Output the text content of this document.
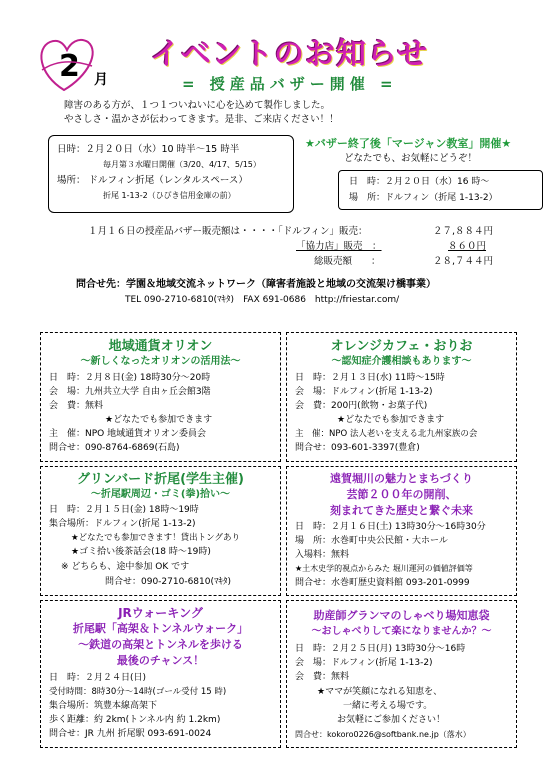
2 月
イベントのお知らせ
= 授産品バザー開催 =
障害のある方が、１つ１ついねいに心を込めて製作しました。
やさしさ・温かさが伝わってきます。是非、ご来店ください！！
日時：２月２０日（水）10 時半～15 時半
毎月第３水曜日開催（3/20、4/17、5/15）
場所： ドルフィン折尾（レンタルスペース）
折尾 1-13-2（ひびき信用金庫の前）
★バザー終了後「マージャン教室」開催★
どなたでも、お気軽にどうぞ！
日　時：２月２０日（水）16 時～
場　所：ドルフィン（折尾 1-13-2）
１月１６日の授産品バザー販売額は・・・・「ドルフィン」販売：	２７,８８４円
「協力店」販売　：	８６０円
総販売額　　：	２８,７４４円
問合せ先：学園＆地域交流ネットワーク（障害者施設と地域の交流架け橋事業）
TEL 090-2710-6810(ﾏｷﾀ)　FAX 691-0686　http://friestar.com/
地域通貨オリオン
～新しくなったオリオンの活用法～
日　時：２月８日(金) 18時30分～20時
会　場：九州共立大学 自由ヶ丘会館3階
会　費：無料
★どなたでも参加できます
主　催：NPO 地域通貨オリオン委員会
問合せ：090-8764-6869(石島)
オレンジカフェ・おりお
～認知症介護相談もあります～
日　時：２月１３日(水) 11時～15時
会　場：ドルフィン(折尾 1-13-2)
会　費：200円(飲物・お菓子代)
★どなたでも参加できます
主　催：NPO 法人老いを支える北九州家族の会
問合せ：093-601-3397(豊倉)
グリンバード折尾(学生主催)
～折尾駅周辺・ゴミ(拳)拾い～
日　時：２月１５日(金) 18時～19時
集合場所：ドルフィン(折尾 1-13-2)
★どなたでも参加できます！貸出トングあり
★ゴミ拾い後茶話会(18 時～19時)
※ どちらも、途中参加 OK です
問合せ：090-2710-6810(ﾏｷﾀ)
遠賀堀川の魅力とまちづくり
芸節２００年の開削、
刻まれてきた歴史と繋ぐ未来
日　時：２月１６日(土) 13時30分～16時30分
場　所：水巻町中央公民館・大ホール
入場料：無料
★土木史学的視点からみた 堀川運河の価値評価等
問合せ：水巻町歴史資料館 093-201-0999
JRウォーキング
折尾駅「高架＆トンネルウォーク」
～鉄道の高架とトンネルを歩ける
最後のチャンス！
日　時：２月２４日(日)
受付時間：8時30分～14時(ゴール受付 15 時)
集合場所：筑豊本線高架下
歩く距離：約 2km(トンネル内 約 1.2km)
問合せ：JR 九州 折尾駅 093-691-0024
助産師グランマのしゃべり場知恵袋
～おしゃべりして楽になりませんか？～
日　時：２月２５日(月) 13時30分～16時
会　場：ドルフィン(折尾 1-13-2)
会　費：無料
★ママが笑顔になれる知恵を、
一緒に考える場です。
お気軽にご参加ください！
問合せ：kokoro0226@softbank.ne.jp（落水）
